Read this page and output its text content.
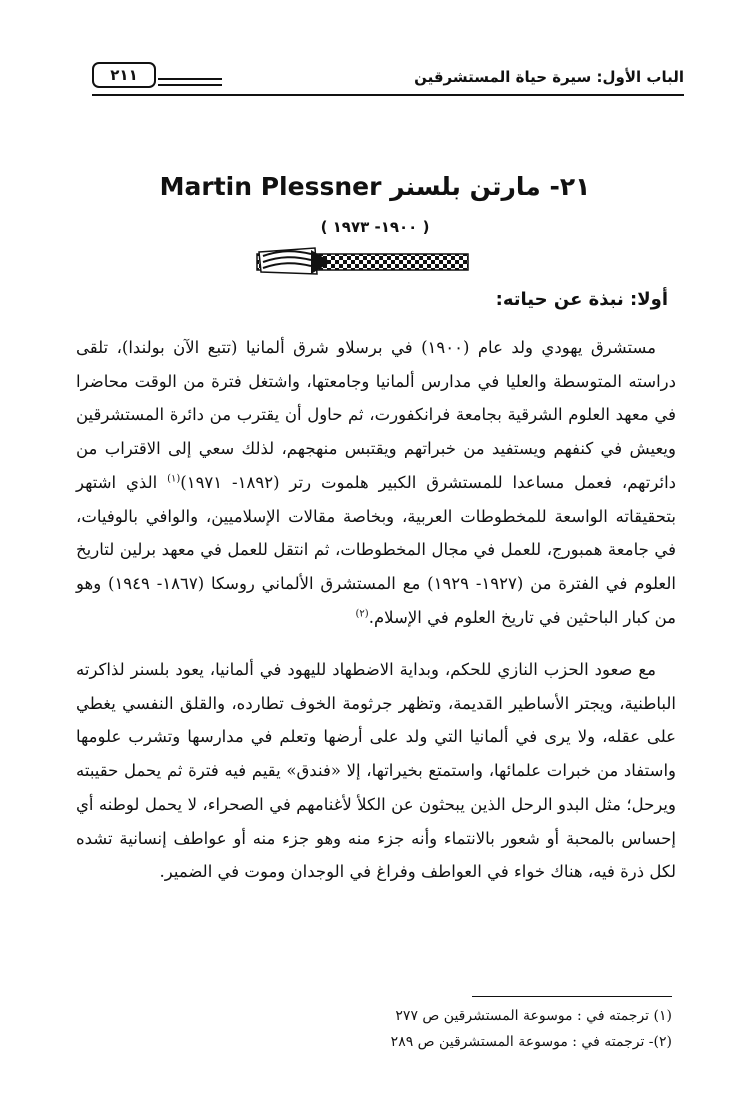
الباب الأول: سيرة حياة المستشرقين
٢١١
٢١- مارتن بلسنر Martin Plessner
( ١٩٠٠- ١٩٧٣ )
أولا: نبذة عن حياته:

مستشرق يهودي ولد عام (١٩٠٠) في برسلاو شرق ألمانيا (تتبع الآن بولندا)، تلقى دراسته المتوسطة والعليا في مدارس ألمانيا وجامعتها، واشتغل فترة من الوقت محاضرا في معهد العلوم الشرقية بجامعة فرانكفورت، ثم حاول أن يقترب من دائرة المستشرقين ويعيش في كنفهم ويستفيد من خبراتهم ويقتبس منهجهم، لذلك سعي إلى الاقتراب من دائرتهم، فعمل مساعدا للمستشرق الكبير هلموت رتر (١٨٩٢- ١٩٧١)$^{(١)}$ الذي اشتهر بتحقيقاته الواسعة للمخطوطات العربية، وبخاصة مقالات الإسلاميين، والوافي بالوفيات، في جامعة همبورج، للعمل في مجال المخطوطات، ثم انتقل للعمل في معهد برلين لتاريخ العلوم في الفترة من (١٩٢٧- ١٩٢٩) مع المستشرق الألماني روسكا (١٨٦٧- ١٩٤٩) وهو من كبار الباحثين في تاريخ العلوم في الإسلام.$^{(٢)}$

مع صعود الحزب النازي للحكم، وبداية الاضطهاد لليهود في ألمانيا، يعود بلسنر لذاكرته الباطنية، ويجتر الأساطير القديمة، وتظهر جرثومة الخوف تطارده، والقلق النفسي يغطي على عقله، ولا يرى في ألمانيا التي ولد على أرضها وتعلم في مدارسها وتشرب علومها واستفاد من خبرات علمائها، واستمتع بخيراتها، إلا «فندق» يقيم فيه فترة ثم يحمل حقيبته ويرحل؛ مثل البدو الرحل الذين يبحثون عن الكلأ لأغنامهم في الصحراء، لا يحمل لوطنه أي إحساس بالمحبة أو شعور بالانتماء وأنه جزء منه وهو جزء منه أو عواطف إنسانية تشده لكل ذرة فيه، هناك خواء في العواطف وفراغ في الوجدان وموت في الضمير.

(١) ترجمته في : موسوعة المستشرقين ص ٢٧٧
(٢)- ترجمته في : موسوعة المستشرقين ص ٢٨٩
